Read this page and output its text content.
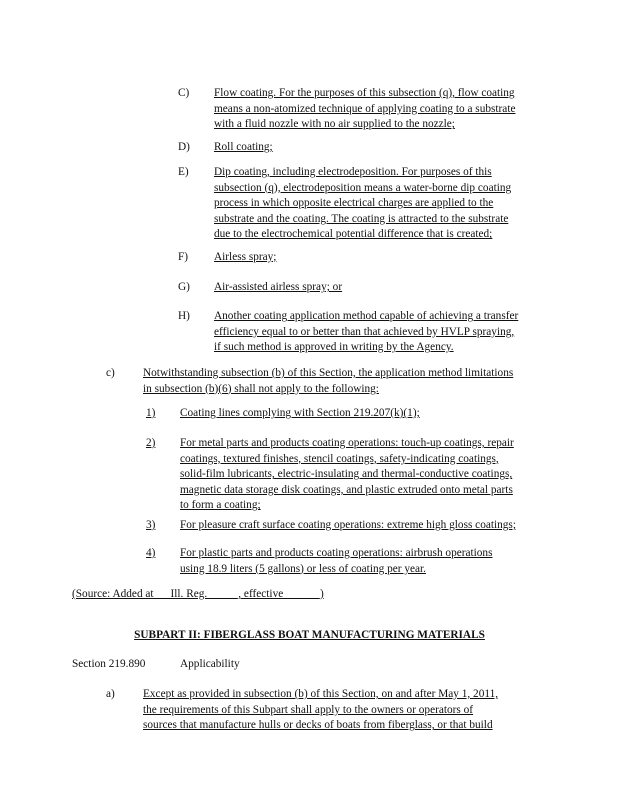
C) Flow coating. For the purposes of this subsection (q), flow coating
means a non-atomized technique of applying coating to a substrate
with a fluid nozzle with no air supplied to the nozzle;
D) Roll coating;
E) Dip coating, including electrodeposition. For purposes of this
subsection (q), electrodeposition means a water-borne dip coating
process in which opposite electrical charges are applied to the
substrate and the coating. The coating is attracted to the substrate
due to the electrochemical potential difference that is created;
F) Airless spray;
G) Air-assisted airless spray; or
H) Another coating application method capable of achieving a transfer
efficiency equal to or better than that achieved by HVLP spraying,
if such method is approved in writing by the Agency.
c) Notwithstanding subsection (b) of this Section, the application method limitations
in subsection (b)(6) shall not apply to the following:
1) Coating lines complying with Section 219.207(k)(1);
2) For metal parts and products coating operations: touch-up coatings, repair
coatings, textured finishes, stencil coatings, safety-indicating coatings,
solid-film lubricants, electric-insulating and thermal-conductive coatings,
magnetic data storage disk coatings, and plastic extruded onto metal parts
to form a coating;
3) For pleasure craft surface coating operations: extreme high gloss coatings;
4) For plastic parts and products coating operations: airbrush operations
using 18.9 liters (5 gallons) or less of coating per year.
(Source: Added at __ Ill. Reg. _____, effective ______)
SUBPART II: FIBERGLASS BOAT MANUFACTURING MATERIALS
Section 219.890	Applicability
a) Except as provided in subsection (b) of this Section, on and after May 1, 2011,
the requirements of this Subpart shall apply to the owners or operators of
sources that manufacture hulls or decks of boats from fiberglass, or that build
